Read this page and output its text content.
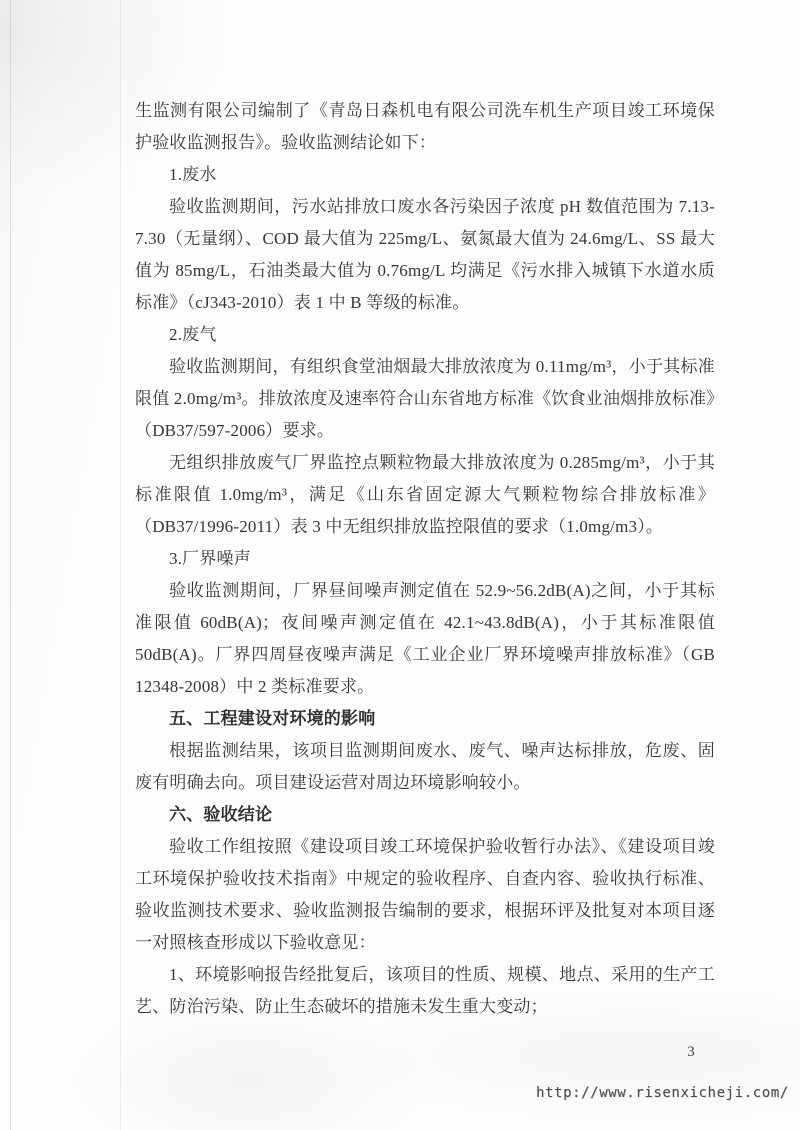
生监测有限公司编制了《青岛日森机电有限公司洗车机生产项目竣工环境保护验收监测报告》。验收监测结论如下：

1.废水

验收监测期间，污水站排放口废水各污染因子浓度 pH 数值范围为 7.13-7.30（无量纲）、COD 最大值为 225mg/L、氨氮最大值为 24.6mg/L、SS 最大值为 85mg/L，石油类最大值为 0.76mg/L 均满足《污水排入城镇下水道水质标准》（cJ343-2010）表 1 中 B 等级的标准。

2.废气

验收监测期间，有组织食堂油烟最大排放浓度为 0.11mg/m³，小于其标准限值 2.0mg/m³。排放浓度及速率符合山东省地方标准《饮食业油烟排放标准》（DB37/597-2006）要求。

无组织排放废气厂界监控点颗粒物最大排放浓度为 0.285mg/m³，小于其标准限值 1.0mg/m³，满足《山东省固定源大气颗粒物综合排放标准》（DB37/1996-2011）表 3 中无组织排放监控限值的要求（1.0mg/m3）。

3.厂界噪声

验收监测期间，厂界昼间噪声测定值在 52.9~56.2dB(A)之间，小于其标准限值 60dB(A)；夜间噪声测定值在 42.1~43.8dB(A)，小于其标准限值 50dB(A)。厂界四周昼夜噪声满足《工业企业厂界环境噪声排放标准》（GB 12348-2008）中 2 类标准要求。

五、工程建设对环境的影响

根据监测结果，该项目监测期间废水、废气、噪声达标排放，危废、固废有明确去向。项目建设运营对周边环境影响较小。

六、验收结论

验收工作组按照《建设项目竣工环境保护验收暂行办法》、《建设项目竣工环境保护验收技术指南》中规定的验收程序、自查内容、验收执行标准、验收监测技术要求、验收监测报告编制的要求，根据环评及批复对本项目逐一对照核查形成以下验收意见：

1、环境影响报告经批复后，该项目的性质、规模、地点、采用的生产工艺、防治污染、防止生态破坏的措施未发生重大变动；

3
http://www.risenxicheji.com/
